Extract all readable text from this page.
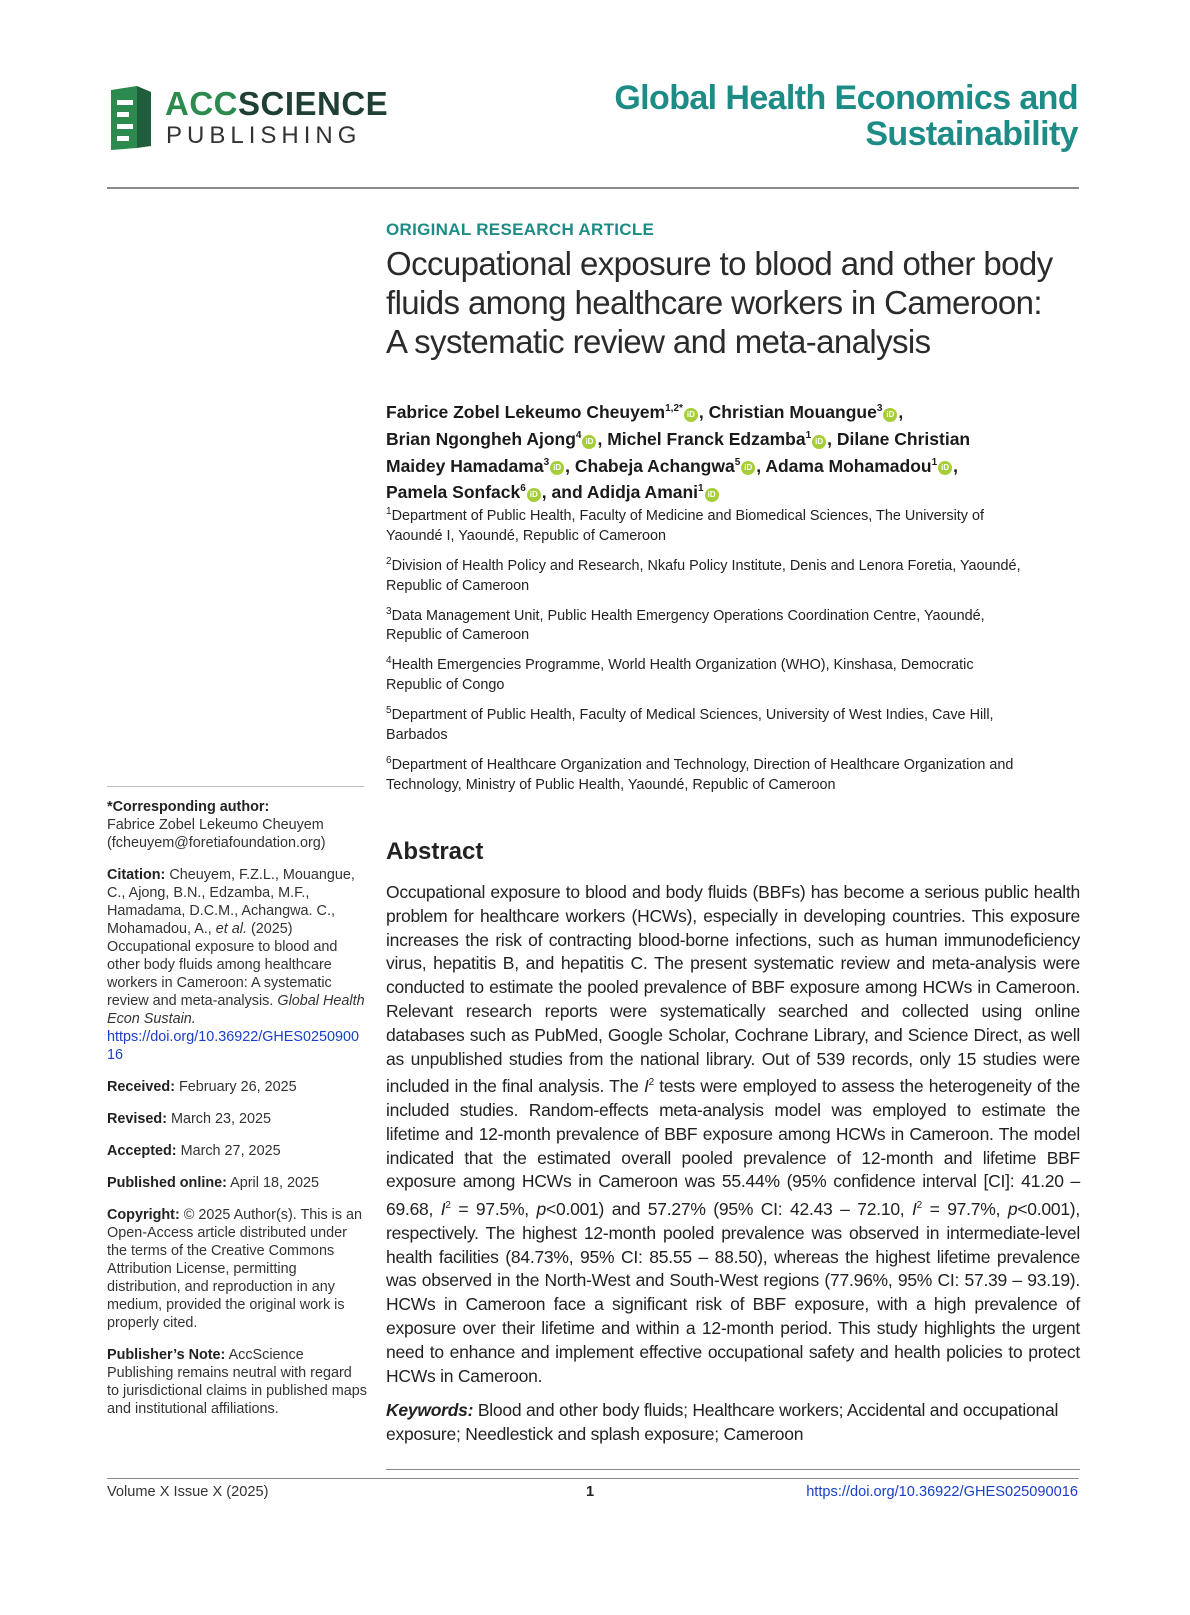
ACCSCIENCE
PUBLISHING
Global Health Economics and
Sustainability
ORIGINAL RESEARCH ARTICLE
Occupational exposure to blood and other body
fluids among healthcare workers in Cameroon:
A systematic review and meta-analysis
Fabrice Zobel Lekeumo Cheuyem$^{1,2*}$iD , Christian Mouangue$^3$iD ,
Brian Ngongheh Ajong$^4$iD , Michel Franck Edzamba$^1$iD , Dilane Christian
Maidey Hamadama$^3$iD , Chabeja Achangwa$^5$iD , Adama Mohamadou$^1$iD ,
Pamela Sonfack$^6$iD , and Adidja Amani$^1$iD
$^1$Department of Public Health, Faculty of Medicine and Biomedical Sciences, The University of
Yaoundé I, Yaoundé, Republic of Cameroon
$^2$Division of Health Policy and Research, Nkafu Policy Institute, Denis and Lenora Foretia, Yaoundé,
Republic of Cameroon
$^3$Data Management Unit, Public Health Emergency Operations Coordination Centre, Yaoundé,
Republic of Cameroon
$^4$Health Emergencies Programme, World Health Organization (WHO), Kinshasa, Democratic
Republic of Congo
$^5$Department of Public Health, Faculty of Medical Sciences, University of West Indies, Cave Hill,
Barbados
$^6$Department of Healthcare Organization and Technology, Direction of Healthcare Organization and
Technology, Ministry of Public Health, Yaoundé, Republic of Cameroon
*Corresponding author:
Fabrice Zobel Lekeumo Cheuyem
(fcheuyem@foretiafoundation.org)
Citation: Cheuyem, F.Z.L., Mouangue, C., Ajong, B.N., Edzamba, M.F., Hamadama, D.C.M., Achangwa. C., Mohamadou, A., et al. (2025) Occupational exposure to blood and other body fluids among healthcare workers in Cameroon: A systematic review and meta-analysis. Global Health Econ Sustain.
https://doi.org/10.36922/GHES025090016
Received: February 26, 2025
Revised: March 23, 2025
Accepted: March 27, 2025
Published online: April 18, 2025
Copyright: © 2025 Author(s). This is an Open-Access article distributed under the terms of the Creative Commons Attribution License, permitting distribution, and reproduction in any medium, provided the original work is properly cited.
Publisher’s Note: AccScience Publishing remains neutral with regard to jurisdictional claims in published maps and institutional affiliations.
Abstract
Occupational exposure to blood and body fluids (BBFs) has become a serious public health problem for healthcare workers (HCWs), especially in developing countries. This exposure increases the risk of contracting blood-borne infections, such as human immunodeficiency virus, hepatitis B, and hepatitis C. The present systematic review and meta-analysis were conducted to estimate the pooled prevalence of BBF exposure among HCWs in Cameroon. Relevant research reports were systematically searched and collected using online databases such as PubMed, Google Scholar, Cochrane Library, and Science Direct, as well as unpublished studies from the national library. Out of 539 records, only 15 studies were included in the final analysis. The $I^2$ tests were employed to assess the heterogeneity of the included studies. Random-effects meta-analysis model was employed to estimate the lifetime and 12-month prevalence of BBF exposure among HCWs in Cameroon. The model indicated that the estimated overall pooled prevalence of 12-month and lifetime BBF exposure among HCWs in Cameroon was 55.44% (95% confidence interval [CI]: 41.20 – 69.68, $I^2 = 97.5\%$, p<0.001) and 57.27% (95% CI: 42.43 – 72.10, $I^2 = 97.7\%$, p<0.001), respectively. The highest 12-month pooled prevalence was observed in intermediate-level health facilities (84.73%, 95% CI: 85.55 – 88.50), whereas the highest lifetime prevalence was observed in the North-West and South-West regions (77.96%, 95% CI: 57.39 – 93.19). HCWs in Cameroon face a significant risk of BBF exposure, with a high prevalence of exposure over their lifetime and within a 12-month period. This study highlights the urgent need to enhance and implement effective occupational safety and health policies to protect HCWs in Cameroon.
Keywords: Blood and other body fluids; Healthcare workers; Accidental and occupational exposure; Needlestick and splash exposure; Cameroon
Volume X Issue X (2025)	1	https://doi.org/10.36922/GHES025090016
